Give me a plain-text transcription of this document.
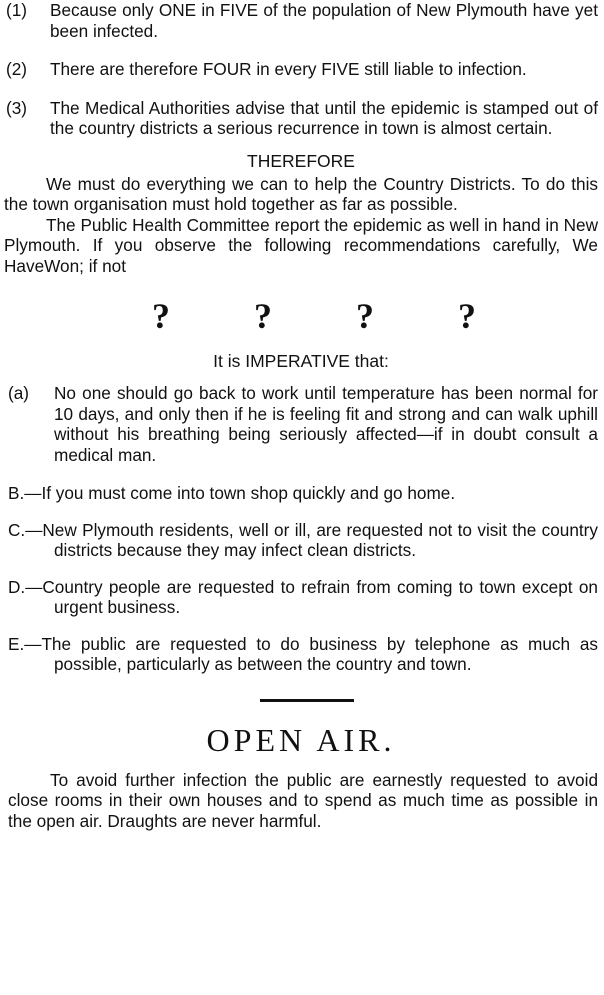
(1) Because only ONE in FIVE of the population of New Plymouth have yet been infected.
(2) There are therefore FOUR in every FIVE still liable to infection.
(3) The Medical Authorities advise that until the epidemic is stamped out of the country districts a serious recurrence in town is almost certain.
THEREFORE
We must do everything we can to help the Country Districts. To do this the town organisation must hold together as far as possible.
The Public Health Committee report the epidemic as well in hand in New Plymouth. If you observe the following recommendations carefully, We HaveWon; if not
? ? ? ?
It is IMPERATIVE that:
(a) No one should go back to work until temperature has been normal for 10 days, and only then if he is feeling fit and strong and can walk uphill without his breathing being seriously affected—if in doubt consult a medical man.
B.—If you must come into town shop quickly and go home.
C.—New Plymouth residents, well or ill, are requested not to visit the country districts because they may infect clean districts.
D.—Country people are requested to refrain from coming to town except on urgent business.
E.—The public are requested to do business by telephone as much as possible, particularly as between the country and town.
OPEN AIR.
To avoid further infection the public are earnestly requested to avoid close rooms in their own houses and to spend as much time as possible in the open air. Draughts are never harmful.
